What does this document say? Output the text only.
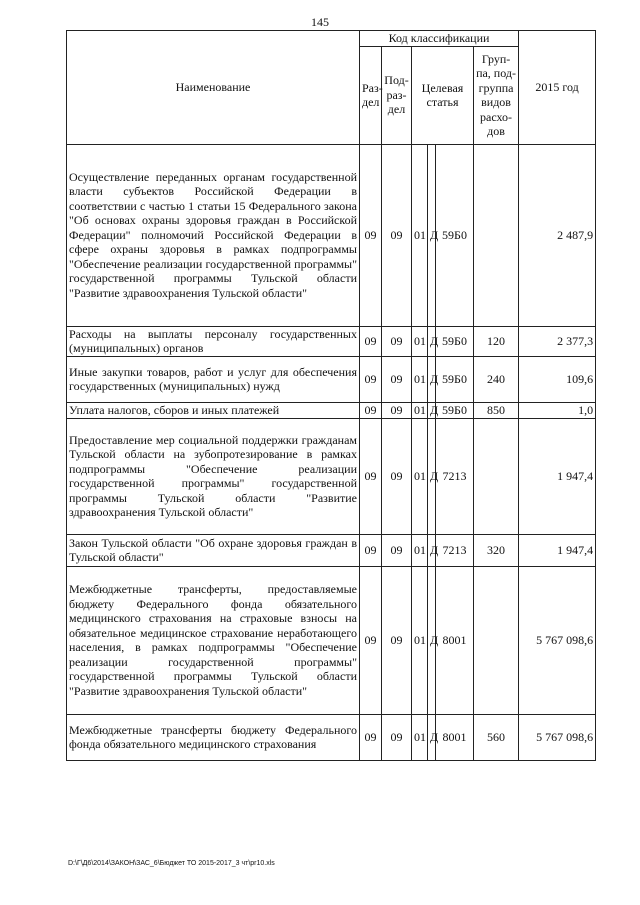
145
Наименование	Код классификации						2015 год
	Раз-дел	Под-раз-дел	Целевая статья			Груп-па, под-группа видов расхо-дов	
Осуществление переданных органам государственной власти субъектов Российской Федерации в соответствии с частью 1 статьи 15 Федерального закона "Об основах охраны здоровья граждан в Российской Федерации" полномочий Российской Федерации в сфере охраны здоровья в рамках подпрограммы "Обеспечение реализации государственной программы" государственной программы Тульской области "Развитие здравоохранения Тульской области"	09	09	01	Д	59Б0		2 487,9
Расходы на выплаты персоналу государственных (муниципальных) органов	09	09	01	Д	59Б0	120	2 377,3
Иные закупки товаров, работ и услуг для обеспечения государственных (муниципальных) нужд	09	09	01	Д	59Б0	240	109,6
Уплата налогов, сборов и иных платежей	09	09	01	Д	59Б0	850	1,0
Предоставление мер социальной поддержки гражданам Тульской области на зубопротезирование в рамках подпрограммы "Обеспечение реализации государственной программы" государственной программы Тульской области "Развитие здравоохранения Тульской области"	09	09	01	Д	7213		1 947,4
Закон Тульской области "Об охране здоровья граждан в Тульской области"	09	09	01	Д	7213	320	1 947,4
Межбюджетные трансферты, предоставляемые бюджету Федерального фонда обязательного медицинского страхования на страховые взносы на обязательное медицинское страхование неработающего населения, в рамках подпрограммы "Обеспечение реализации государственной программы" государственной программы Тульской области "Развитие здравоохранения Тульской области"	09	09	01	Д	8001		5 767 098,6
Межбюджетные трансферты бюджету Федерального фонда обязательного медицинского страхования	09	09	01	Д	8001	560	5 767 098,6
D:\Г\Д6\2014\ЗАКОН\ЗАС_6\Бюджет ТО 2015-2017_3 чт\pr10.xls
